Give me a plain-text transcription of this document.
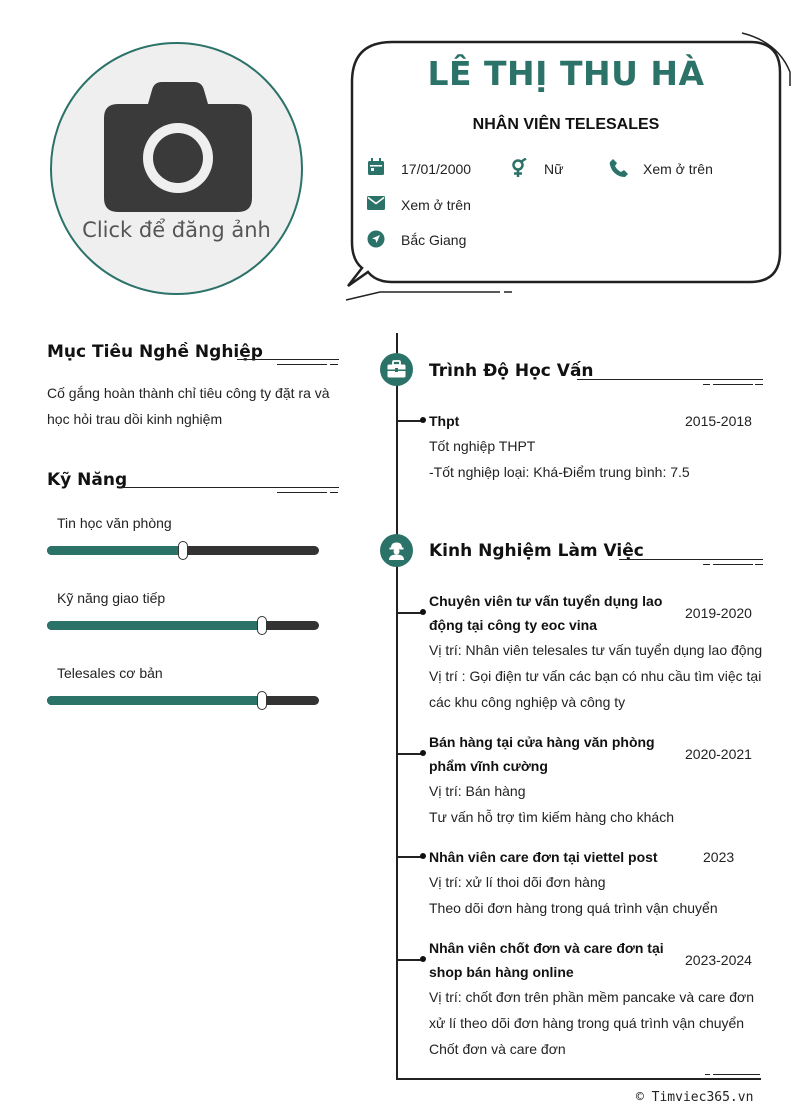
Click để đăng ảnh
LÊ THỊ THU HÀ
NHÂN VIÊN TELESALES
17/01/2000	Nữ	Xem ở trên
Xem ở trên
Bắc Giang
Mục Tiêu Nghề Nghiệp
Cố gắng hoàn thành chỉ tiêu công ty đặt ra và
học hỏi trau dồi kinh nghiệm
Kỹ Năng
Tin học văn phòng
Kỹ năng giao tiếp
Telesales cơ bản
Trình Độ Học Vấn
Thpt	2015-2018
Tốt nghiệp THPT
-Tốt nghiệp loại: Khá-Điểm trung bình: 7.5
Kinh Nghiệm Làm Việc
Chuyên viên tư vấn tuyển dụng lao
động tại công ty eoc vina
2019-2020
Vị trí: Nhân viên telesales tư vấn tuyển dụng lao động
Vị trí : Gọi điện tư vấn các bạn có nhu cầu tìm việc tại
các khu công nghiệp và công ty
Bán hàng tại cửa hàng văn phòng
phẩm vĩnh cường
2020-2021
Vị trí: Bán hàng
Tư vấn hỗ trợ tìm kiếm hàng cho khách
Nhân viên care đơn tại viettel post	2023
Vị trí: xử lí thoi dõi đơn hàng
Theo dõi đơn hàng trong quá trình vận chuyển
Nhân viên chốt đơn và care đơn tại
shop bán hàng online
2023-2024
Vị trí: chốt đơn trên phần mềm pancake và care đơn
xử lí theo dõi đơn hàng trong quá trình vận chuyển
Chốt đơn và care đơn
© Timviec365.vn
